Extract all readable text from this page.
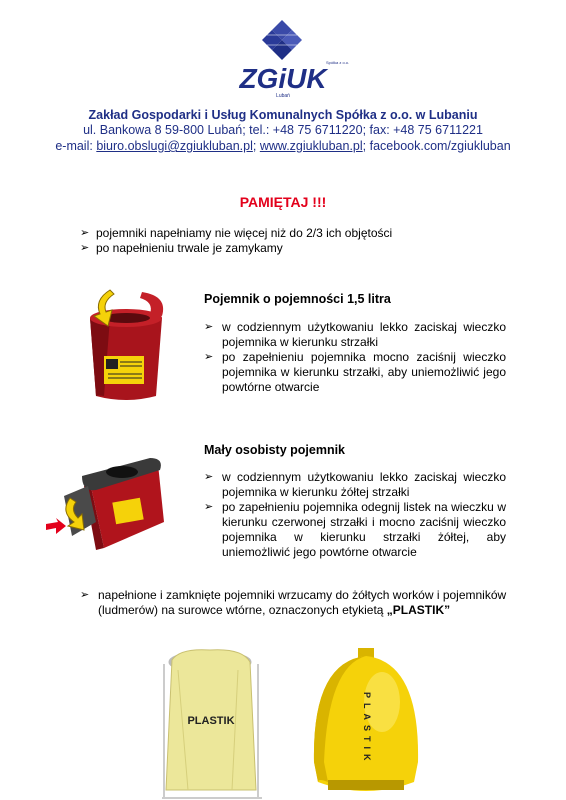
ZGiUK
Spółka z o.o.
Lubań
Zakład Gospodarki i Usług Komunalnych Spółka z o.o. w Lubaniu
ul. Bankowa 8 59-800 Lubań; tel.: +48 75 6711220; fax: +48 75 6711221
e-mail: biuro.obslugi@zgiukluban.pl; www.zgiukluban.pl; facebook.com/zgiukluban
PAMIĘTAJ !!!
➢ pojemniki napełniamy nie więcej niż do 2/3 ich objętości
➢ po napełnieniu trwale je zamykamy
Pojemnik o pojemności 1,5 litra
➢ w codziennym użytkowaniu lekko zaciskaj wieczko pojemnika w kierunku strzałki
➢ po zapełnieniu pojemnika mocno zaciśnij wieczko pojemnika w kierunku strzałki, aby uniemożliwić jego powtórne otwarcie
Mały osobisty pojemnik
➢ w codziennym użytkowaniu lekko zaciskaj wieczko pojemnika w kierunku żółtej strzałki
➢ po zapełnieniu pojemnika odegnij listek na wieczku w kierunku czerwonej strzałki i mocno zaciśnij wieczko pojemnika w kierunku strzałki żółtej, aby uniemożliwić jego powtórne otwarcie
➢ napełnione i zamknięte pojemniki wrzucamy do żółtych worków i pojemników (ludmerów) na surowce wtórne, oznaczonych etykietą „PLASTIK”
PLASTIK	PLASTIK
